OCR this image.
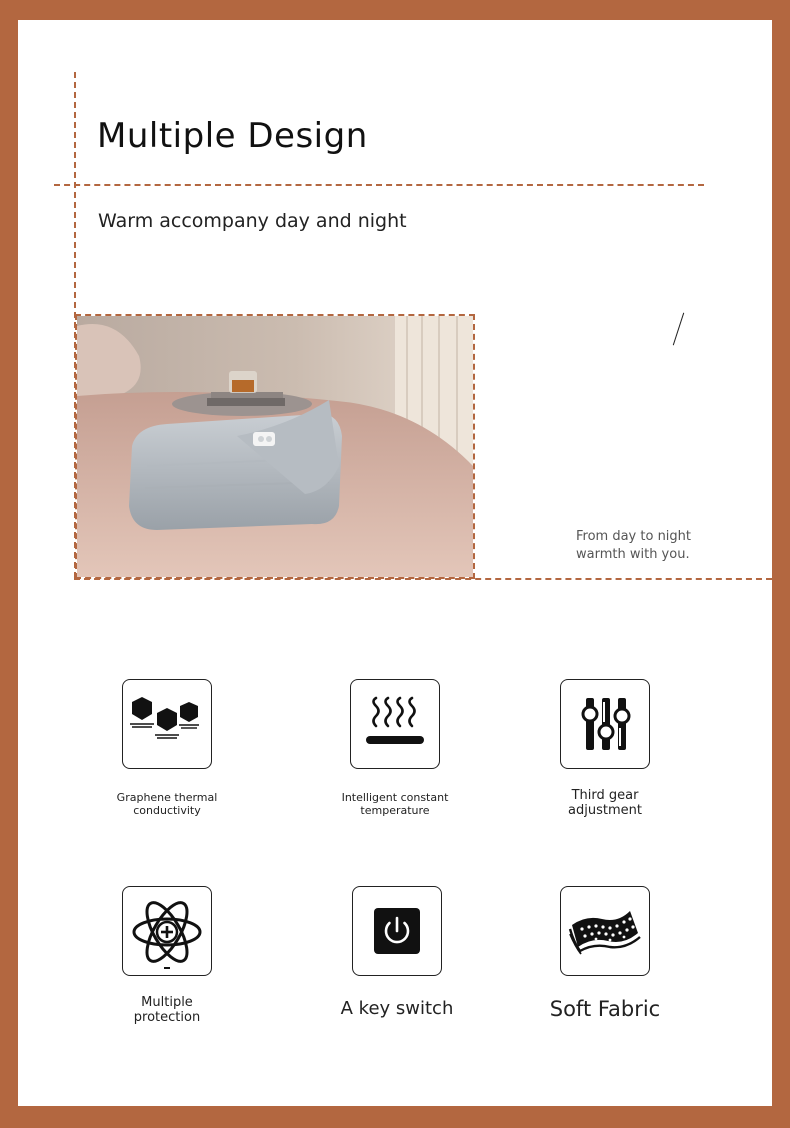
Multiple Design
Warm accompany day and night
From day to night
warmth with you.
Graphene thermal
conductivity
Intelligent constant
temperature
Third gear
adjustment
Multiple
protection	A key switch	Soft Fabric
